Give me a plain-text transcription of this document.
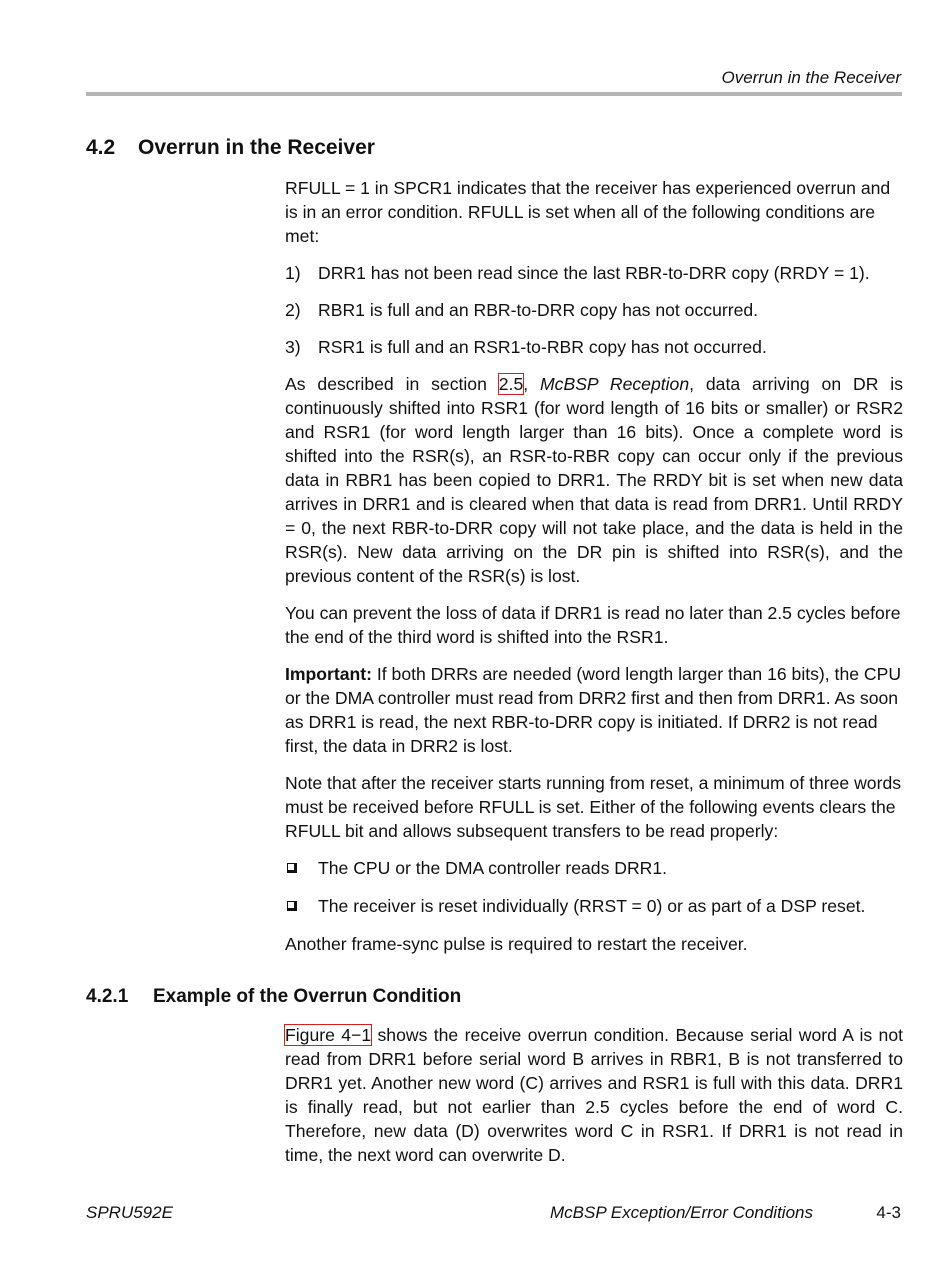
Overrun in the Receiver
4.2 Overrun in the Receiver

RFULL = 1 in SPCR1 indicates that the receiver has experienced overrun and is in an error condition. RFULL is set when all of the following conditions are met:

1) DRR1 has not been read since the last RBR-to-DRR copy (RRDY = 1).
2) RBR1 is full and an RBR-to-DRR copy has not occurred.
3) RSR1 is full and an RSR1-to-RBR copy has not occurred.

As described in section 2.5, McBSP Reception, data arriving on DR is continuously shifted into RSR1 (for word length of 16 bits or smaller) or RSR2 and RSR1 (for word length larger than 16 bits). Once a complete word is shifted into the RSR(s), an RSR-to-RBR copy can occur only if the previous data in RBR1 has been copied to DRR1. The RRDY bit is set when new data arrives in DRR1 and is cleared when that data is read from DRR1. Until RRDY = 0, the next RBR-to-DRR copy will not take place, and the data is held in the RSR(s). New data arriving on the DR pin is shifted into RSR(s), and the previous content of the RSR(s) is lost.

You can prevent the loss of data if DRR1 is read no later than 2.5 cycles before the end of the third word is shifted into the RSR1.

Important: If both DRRs are needed (word length larger than 16 bits), the CPU or the DMA controller must read from DRR2 first and then from DRR1. As soon as DRR1 is read, the next RBR-to-DRR copy is initiated. If DRR2 is not read first, the data in DRR2 is lost.

Note that after the receiver starts running from reset, a minimum of three words must be received before RFULL is set. Either of the following events clears the RFULL bit and allows subsequent transfers to be read properly:

The CPU or the DMA controller reads DRR1.
The receiver is reset individually (RRST = 0) or as part of a DSP reset.

Another frame-sync pulse is required to restart the receiver.

4.2.1 Example of the Overrun Condition

Figure 4−1 shows the receive overrun condition. Because serial word A is not read from DRR1 before serial word B arrives in RBR1, B is not transferred to DRR1 yet. Another new word (C) arrives and RSR1 is full with this data. DRR1 is finally read, but not earlier than 2.5 cycles before the end of word C. Therefore, new data (D) overwrites word C in RSR1. If DRR1 is not read in time, the next word can overwrite D.

SPRU592E	McBSP Exception/Error Conditions	4-3
